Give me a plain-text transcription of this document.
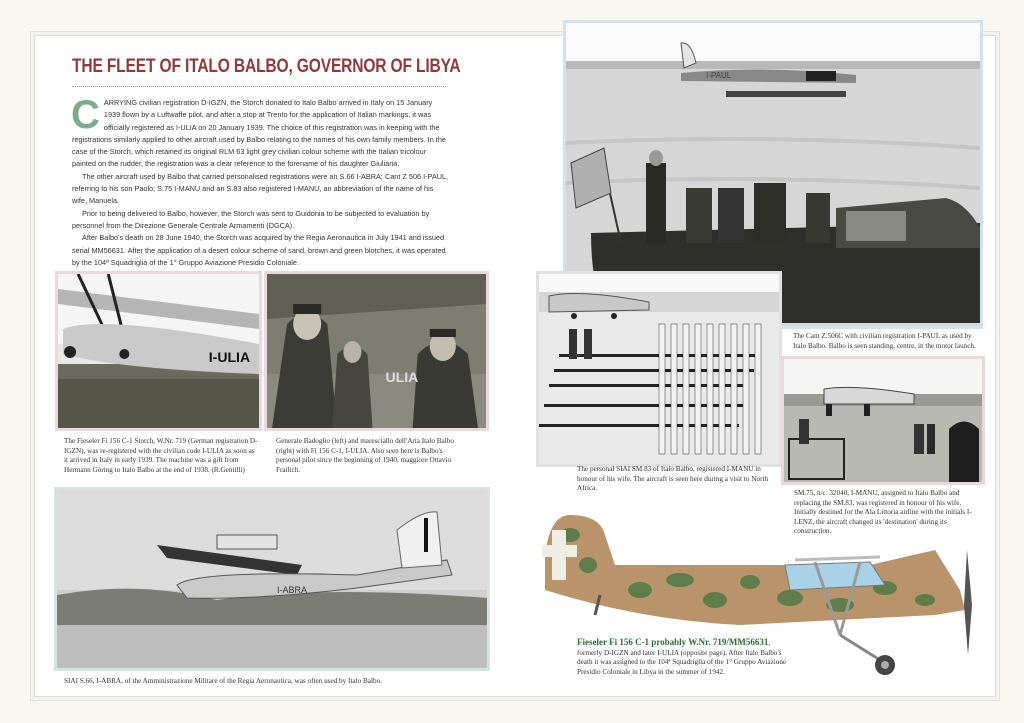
THE FLEET OF ITALO BALBO, GOVERNOR OF LIBYA

CARRYING civilian registration D-IGZN, the Storch donated to Italo Balbo arrived in Italy on 15 January 1939 flown by a Luftwaffe pilot, and after a stop at Trento for the application of Italian markings, it was officially registered as I-ULIA on 20 January 1939. The choice of this registration was in keeping with the registrations similarly applied to other aircraft used by Balbo relating to the names of his own family members. In the case of the Storch, which retained its original RLM 63 light grey civilian colour scheme with the Italian tricolour painted on the rudder, the registration was a clear reference to the forename of his daughter Giuliana.

The other aircraft used by Balbo that carried personalised registrations were an S.66 I-ABRA; Cant Z 506 I-PAUL, referring to his son Paolo; S.75 I-MANU and an S.83 also registered I-MANU, an abbreviation of the name of his wife, Manuela.

Prior to being delivered to Balbo, however, the Storch was sent to Guidonia to be subjected to evaluation by personnel from the Direzione Generale Centrale Armamenti (DGCA).

After Balbo's death on 28 June 1940, the Storch was acquired by the Regia Aeronautica in July 1941 and issued serial MM56631. After the application of a desert colour scheme of sand, brown and green blotches, it was operated by the 104ª Squadriglia of the 1° Gruppo Aviazione Presidio Coloniale.

I-ULIA
ULIA
The Fieseler Fi 156 C-1 Storch, W.Nr. 719 (German registration D-IGZN), was re-registered with the civilian code I-ULIA as soon as it arrived in Italy in early 1939. The machine was a gift from Hermann Göring to Italo Balbo at the end of 1938. (R.Gentilli)
Generale Badoglio (left) and maresciallo dell'Aria Italo Balbo (right) with Fi 156 C-1, I-ULIA. Also seen here is Balbo's personal pilot since the beginning of 1940, maggiore Ottavio Frailich.
I-ABRA
SIAI S.66, I-ABRA, of the Amministrazione Militare of the Regia Aeronautica, was often used by Italo Balbo.
I-PAUL
The Cant Z.506C with civilian registration I-PAUL as used by Italo Balbo. Balbo is seen standing, centre, in the motor launch.
The personal SIAI SM.83 of Italo Balbo, registered I-MANU in honour of his wife. The aircraft is seen here during a visit to North Africa.
SM.75, n/c. 32040, I-MANU, assigned to Italo Balbo and replacing the SM.83, was registered in honour of his wife. Initially destined for the Ala Littoria airline with the initials I-LENZ, the aircraft changed its 'destination' during its construction.
Fieseler Fi 156 C-1 probably W.Nr. 719/MM56631, formerly D-IGZN and later I-ULIA (opposite page). After Italo Balbo's death it was assigned to the 104ª Squadriglia of the 1° Gruppo Aviazione Presidio Coloniale in Libya in the summer of 1942.
